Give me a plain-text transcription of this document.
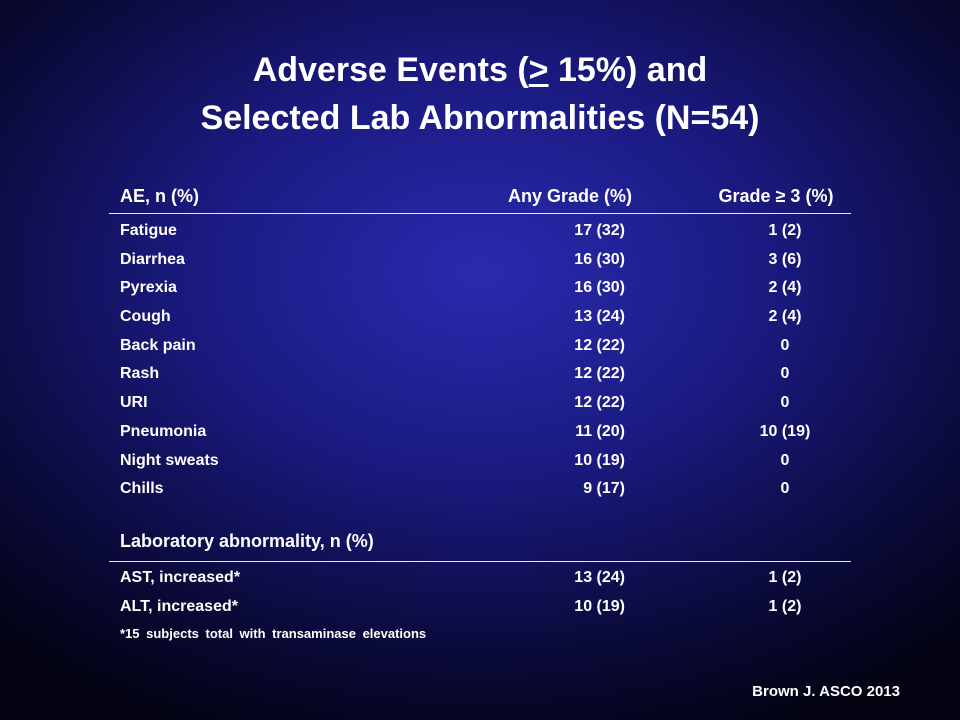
Adverse Events (> 15%) and
Selected Lab Abnormalities (N=54)
AE, n (%)	Any Grade (%)	Grade ≥ 3 (%)
Fatigue	17 (32)	1 (2)
Diarrhea	16 (30)	3 (6)
Pyrexia	16 (30)	2 (4)
Cough	13 (24)	2 (4)
Back pain	12 (22)	0
Rash	12 (22)	0
URI	12 (22)	0
Pneumonia	11 (20)	10 (19)
Night sweats	10 (19)	0
Chills	9 (17)	0
Laboratory abnormality, n (%)
AST, increased*	13 (24)	1 (2)
ALT, increased*	10 (19)	1 (2)
*15 subjects total with transaminase elevations
Brown J. ASCO 2013
